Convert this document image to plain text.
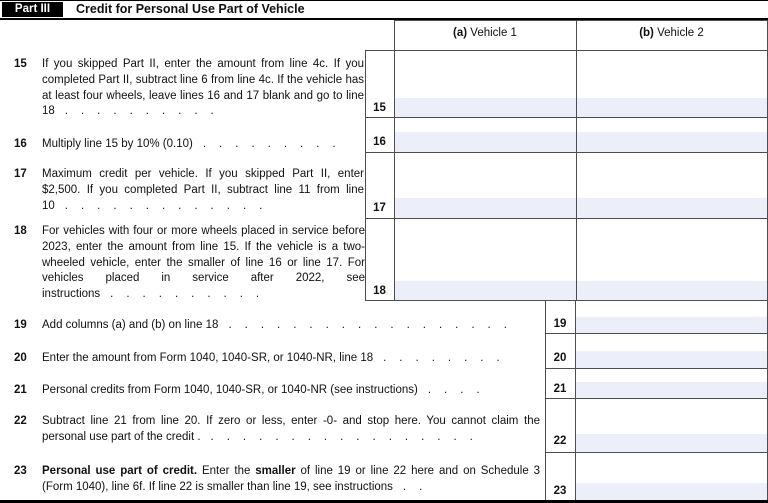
Part III	Credit for Personal Use Part of Vehicle
(a) Vehicle 1	(b) Vehicle 2
15
16
17
18
19
20
21
22
23
15 If you skipped Part II, enter the amount from line 4c. If you completed Part II, subtract line 6 from line 4c. If the vehicle has at least four wheels, leave lines 16 and 17 blank and go to line 18 ..........
16 Multiply line 15 by 10% (0.10) .........
17 Maximum credit per vehicle. If you skipped Part II, enter $2,500. If you completed Part II, subtract line 11 from line 10 .............
18 For vehicles with four or more wheels placed in service before 2023, enter the amount from line 15. If the vehicle is a two-wheeled vehicle, enter the smaller of line 16 or line 17. For vehicles placed in service after 2022, see instructions ..........
19 Add columns (a) and (b) on line 18 ..................
20 Enter the amount from Form 1040, 1040-SR, or 1040-NR, line 18 ........
21 Personal credits from Form 1040, 1040-SR, or 1040-NR (see instructions) ....
22 Subtract line 21 from line 20. If zero or less, enter -0- and stop here. You cannot claim the personal use part of the credit . .................
23 Personal use part of credit. Enter the smaller of line 19 or line 22 here and on Schedule 3 (Form 1040), line 6f. If line 22 is smaller than line 19, see instructions ..
